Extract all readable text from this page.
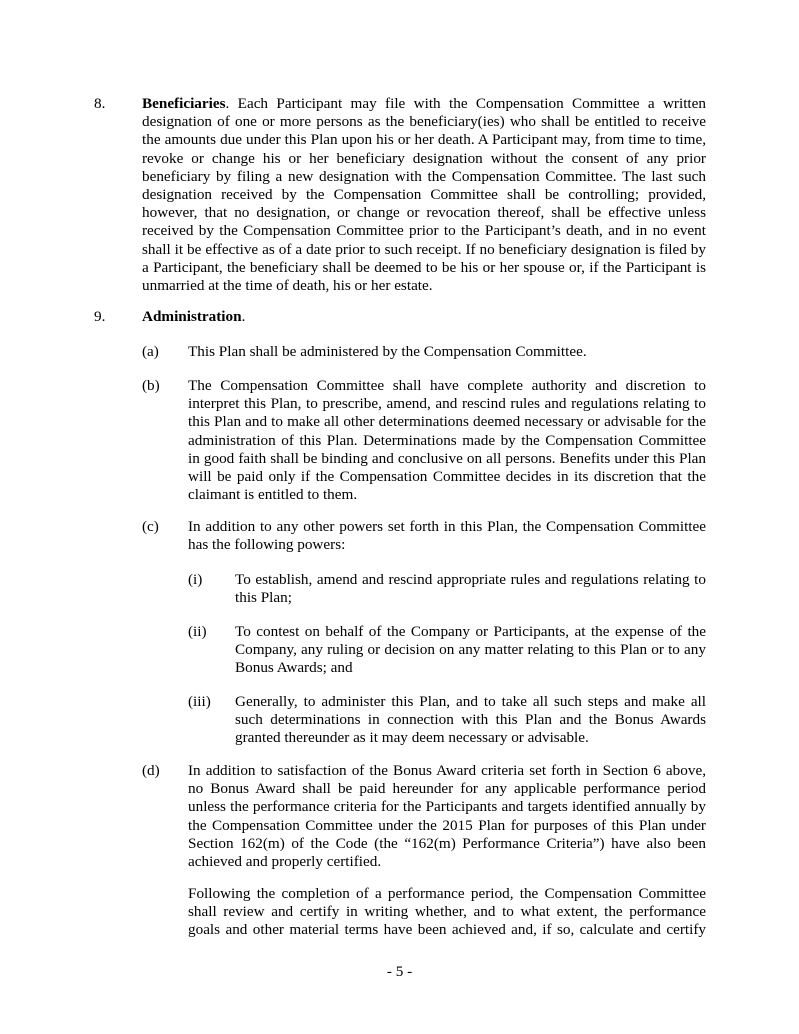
8. Beneficiaries. Each Participant may file with the Compensation Committee a written designation of one or more persons as the beneficiary(ies) who shall be entitled to receive the amounts due under this Plan upon his or her death. A Participant may, from time to time, revoke or change his or her beneficiary designation without the consent of any prior beneficiary by filing a new designation with the Compensation Committee. The last such designation received by the Compensation Committee shall be controlling; provided, however, that no designation, or change or revocation thereof, shall be effective unless received by the Compensation Committee prior to the Participant’s death, and in no event shall it be effective as of a date prior to such receipt. If no beneficiary designation is filed by a Participant, the beneficiary shall be deemed to be his or her spouse or, if the Participant is unmarried at the time of death, his or her estate.

9. Administration.

(a) This Plan shall be administered by the Compensation Committee.

(b) The Compensation Committee shall have complete authority and discretion to interpret this Plan, to prescribe, amend, and rescind rules and regulations relating to this Plan and to make all other determinations deemed necessary or advisable for the administration of this Plan. Determinations made by the Compensation Committee in good faith shall be binding and conclusive on all persons. Benefits under this Plan will be paid only if the Compensation Committee decides in its discretion that the claimant is entitled to them.

(c) In addition to any other powers set forth in this Plan, the Compensation Committee has the following powers:

(i) To establish, amend and rescind appropriate rules and regulations relating to this Plan;

(ii) To contest on behalf of the Company or Participants, at the expense of the Company, any ruling or decision on any matter relating to this Plan or to any Bonus Awards; and

(iii) Generally, to administer this Plan, and to take all such steps and make all such determinations in connection with this Plan and the Bonus Awards granted thereunder as it may deem necessary or advisable.

(d) In addition to satisfaction of the Bonus Award criteria set forth in Section 6 above, no Bonus Award shall be paid hereunder for any applicable performance period unless the performance criteria for the Participants and targets identified annually by the Compensation Committee under the 2015 Plan for purposes of this Plan under Section 162(m) of the Code (the “162(m) Performance Criteria”) have also been achieved and properly certified.

Following the completion of a performance period, the Compensation Committee shall review and certify in writing whether, and to what extent, the performance goals and other material terms have been achieved and, if so, calculate and certify

- 5 -
